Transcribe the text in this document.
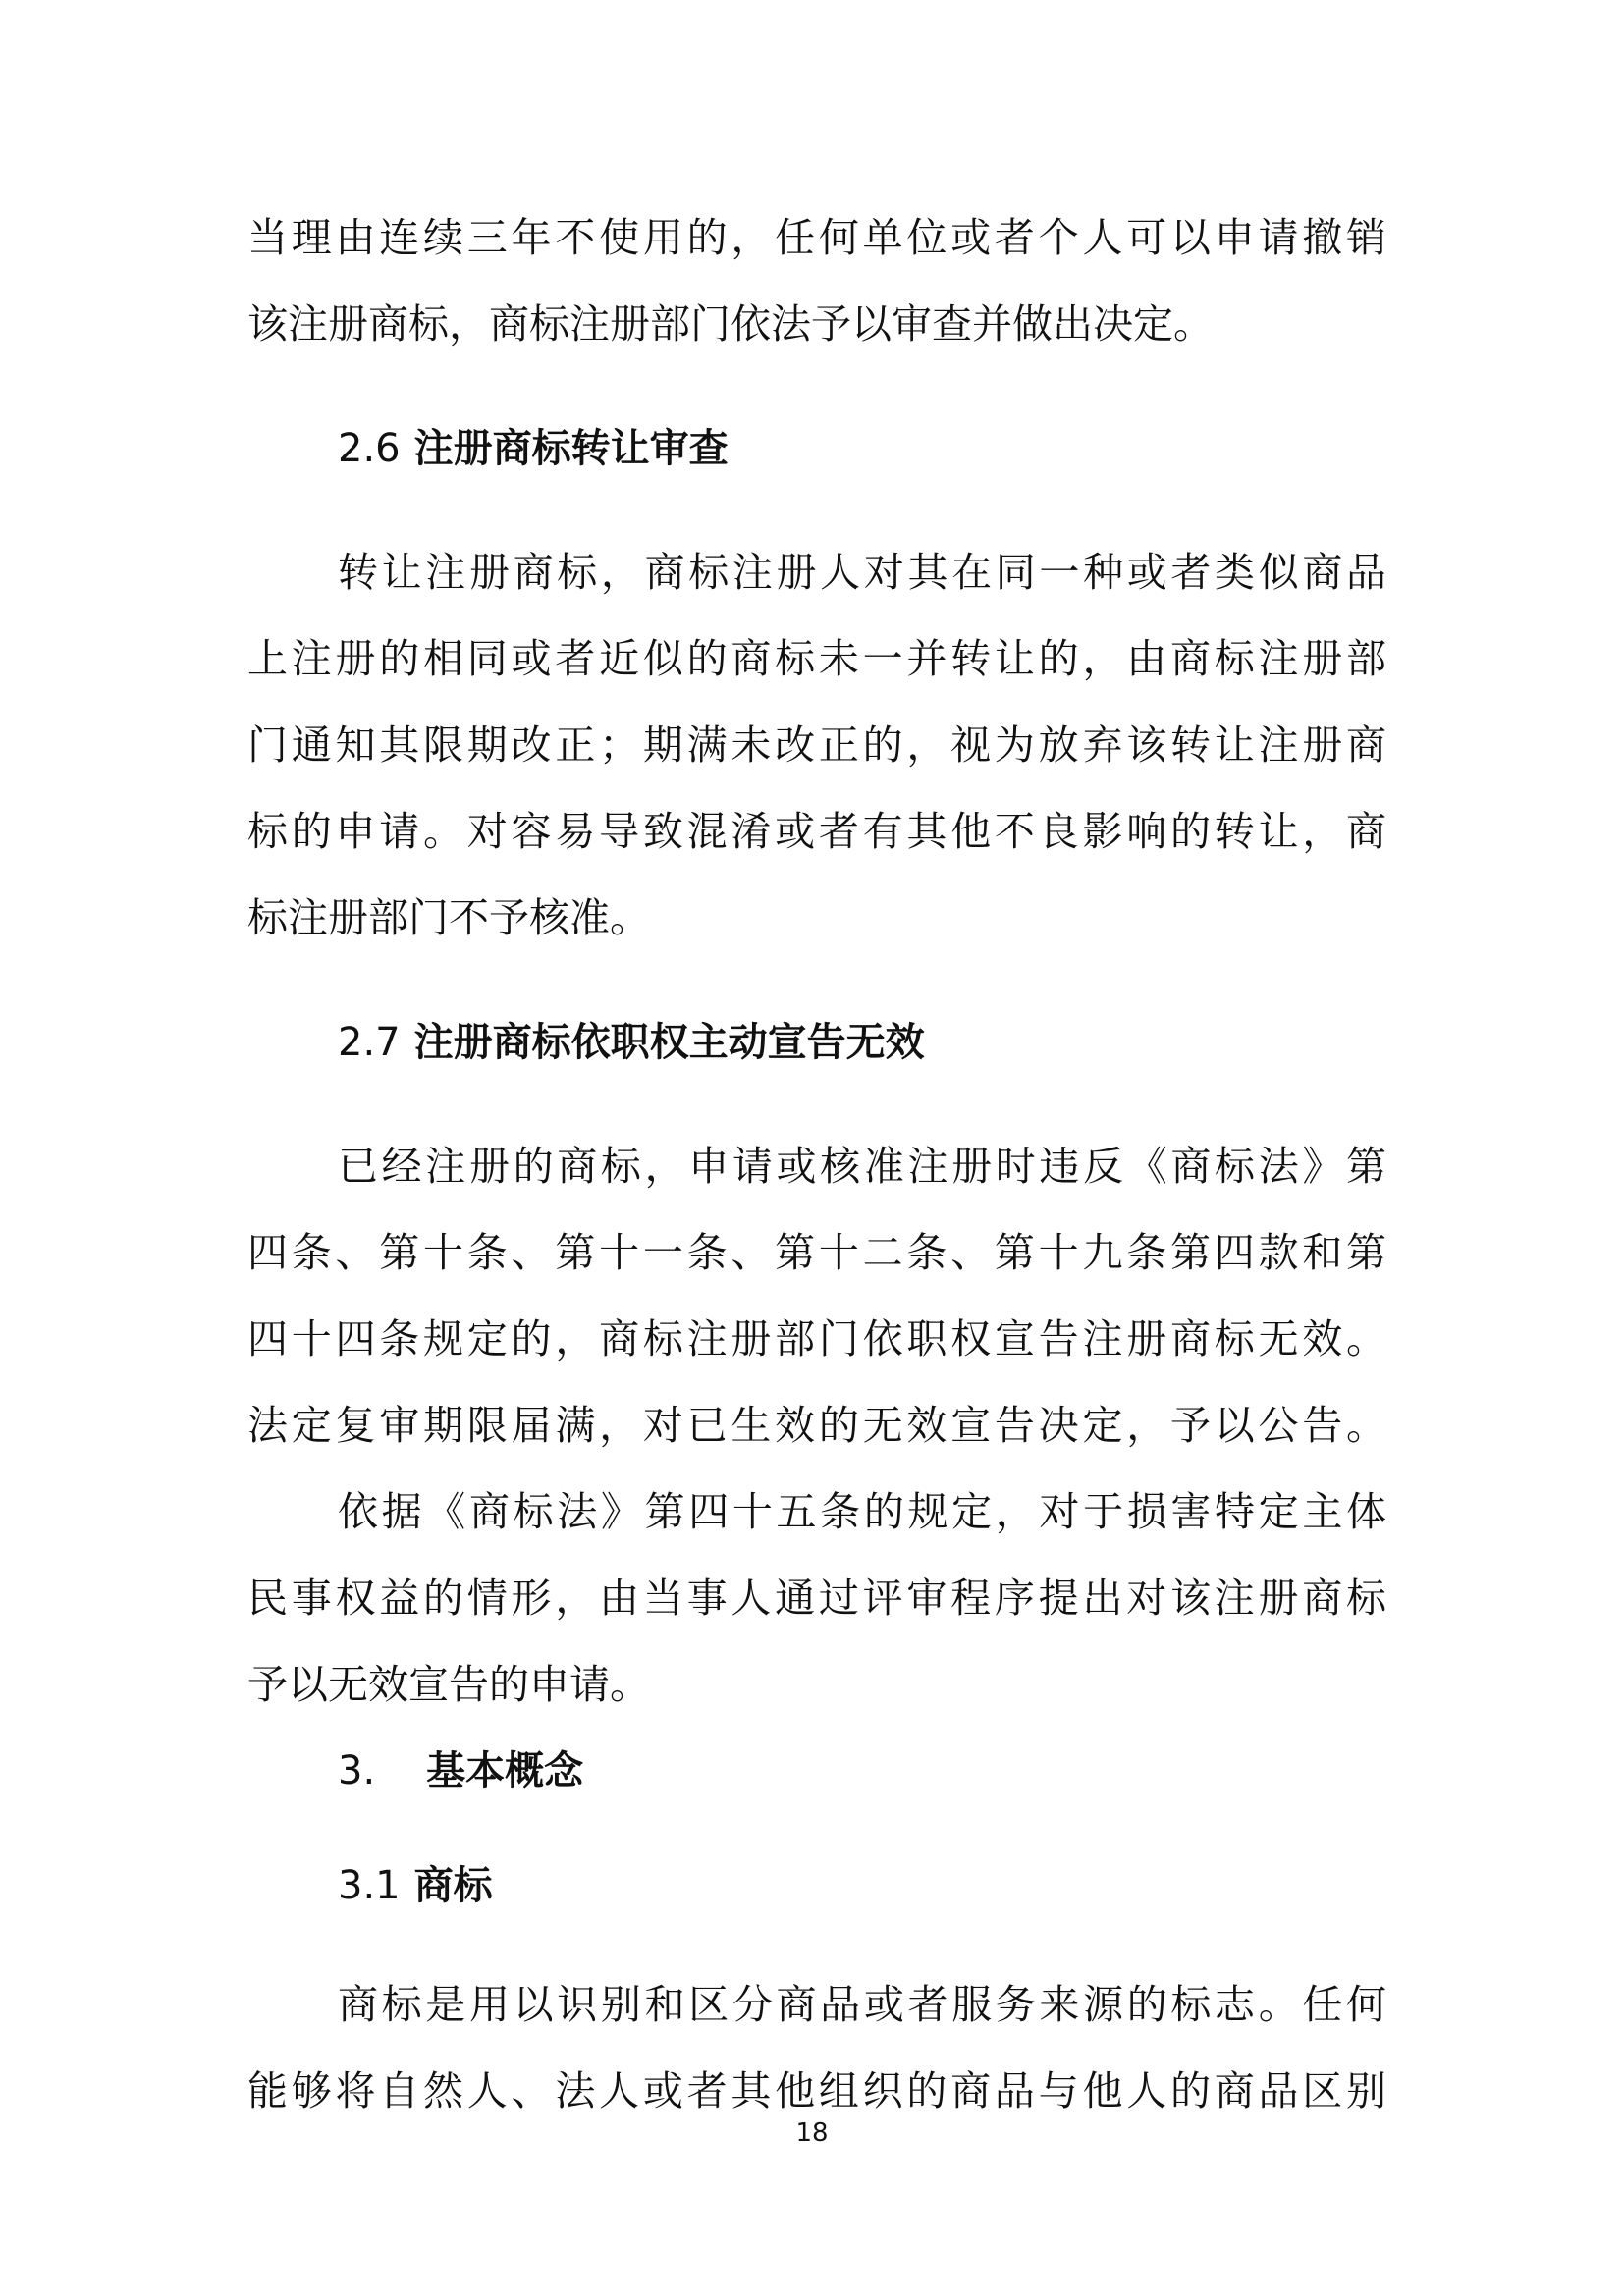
当理由连续三年不使用的，任何单位或者个人可以申请撤销
该注册商标，商标注册部门依法予以审查并做出决定。
2.6 注册商标转让审查
转让注册商标，商标注册人对其在同一种或者类似商品
上注册的相同或者近似的商标未一并转让的，由商标注册部
门通知其限期改正；期满未改正的，视为放弃该转让注册商
标的申请。对容易导致混淆或者有其他不良影响的转让，商
标注册部门不予核准。
2.7 注册商标依职权主动宣告无效
已经注册的商标，申请或核准注册时违反《商标法》第
四条、第十条、第十一条、第十二条、第十九条第四款和第
四十四条规定的，商标注册部门依职权宣告注册商标无效。
法定复审期限届满，对已生效的无效宣告决定，予以公告。
依据《商标法》第四十五条的规定，对于损害特定主体
民事权益的情形，由当事人通过评审程序提出对该注册商标
予以无效宣告的申请。
3. 基本概念
3.1 商标
商标是用以识别和区分商品或者服务来源的标志。任何
能够将自然人、法人或者其他组织的商品与他人的商品区别
18
